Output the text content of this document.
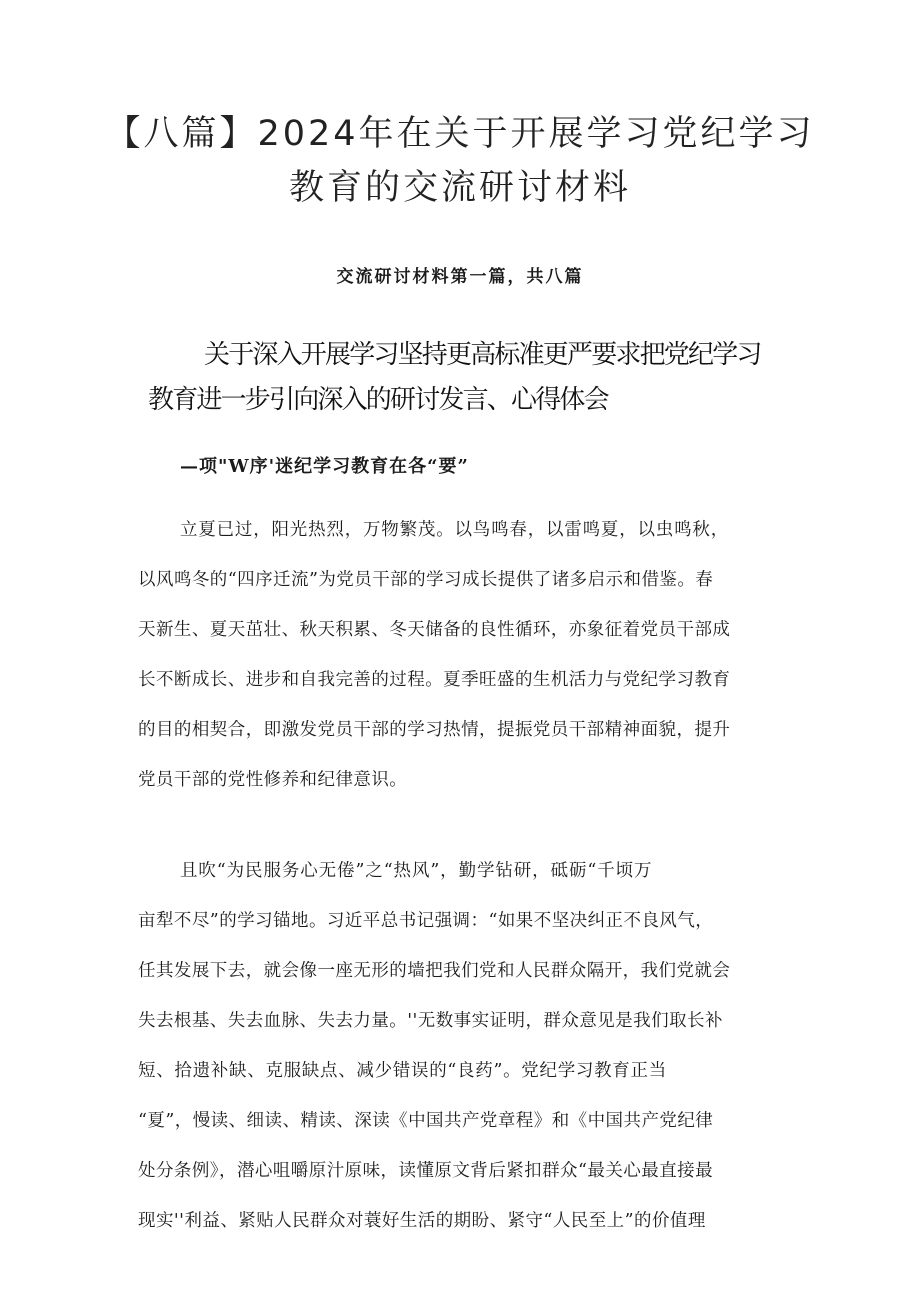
【八篇】2024年在关于开展学习党纪学习
教育的交流研讨材料
交流研讨材料第一篇，共八篇
关于深入开展学习坚持更高标准更严要求把党纪学习
教育进一步引向深入的研讨发言、心得体会
—项"W序'迷纪学习教育在各“要”
立夏已过，阳光热烈，万物繁茂。以鸟鸣春，以雷鸣夏，以虫鸣秋，
以风鸣冬的“四序迁流”为党员干部的学习成长提供了诸多启示和借鉴。春
天新生、夏天茁壮、秋天积累、冬天储备的良性循环，亦象征着党员干部成
长不断成长、进步和自我完善的过程。夏季旺盛的生机活力与党纪学习教育
的目的相契合，即激发党员干部的学习热情，提振党员干部精神面貌，提升
党员干部的党性修养和纪律意识。
且吹“为民服务心无倦”之“热风”，勤学钻研，砥砺“千顷万
亩犁不尽”的学习锚地。习近平总书记强调：“如果不坚决纠正不良风气，
任其发展下去，就会像一座无形的墙把我们党和人民群众隔开，我们党就会
失去根基、失去血脉、失去力量。''无数事实证明，群众意见是我们取长补
短、拾遗补缺、克服缺点、减少错误的“良药”。党纪学习教育正当
“夏”，慢读、细读、精读、深读《中国共产党章程》和《中国共产党纪律
处分条例》，潜心咀嚼原汁原味，读懂原文背后紧扣群众“最关心最直接最
现实''利益、紧贴人民群众对蓑好生活的期盼、紧守“人民至上”的价值理
